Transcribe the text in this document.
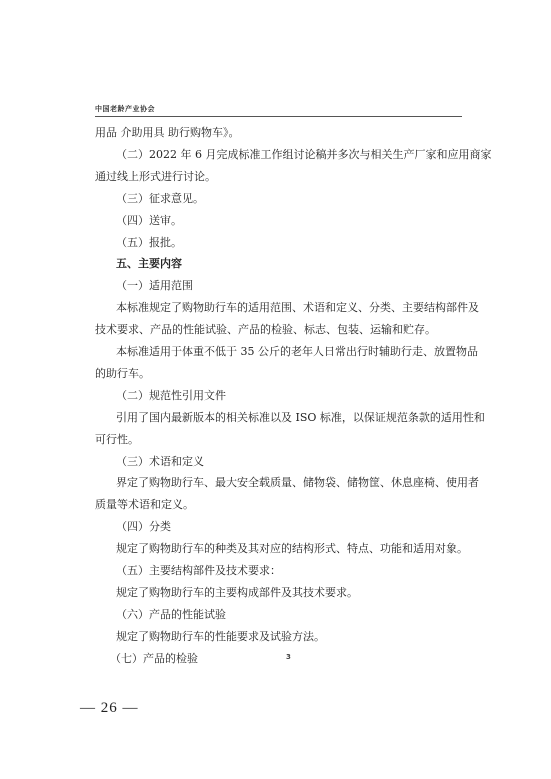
中国老龄产业协会
用品 介助用具 助行购物车》。
（二）2022 年 6 月完成标准工作组讨论稿并多次与相关生产厂家和应用商家
通过线上形式进行讨论。
（三）征求意见。
（四）送审。
（五）报批。
五、主要内容
（一）适用范围
本标准规定了购物助行车的适用范围、术语和定义、分类、主要结构部件及
技术要求、产品的性能试验、产品的检验、标志、包装、运输和贮存。
本标准适用于体重不低于 35 公斤的老年人日常出行时辅助行走、放置物品
的助行车。
（二）规范性引用文件
引用了国内最新版本的相关标准以及 ISO 标准，以保证规范条款的适用性和
可行性。
（三）术语和定义
界定了购物助行车、最大安全载质量、储物袋、储物筐、休息座椅、使用者
质量等术语和定义。
（四）分类
规定了购物助行车的种类及其对应的结构形式、特点、功能和适用对象。
（五）主要结构部件及技术要求：
规定了购物助行车的主要构成部件及其技术要求。
（六）产品的性能试验
规定了购物助行车的性能要求及试验方法。
（七）产品的检验	3
— 26 —
